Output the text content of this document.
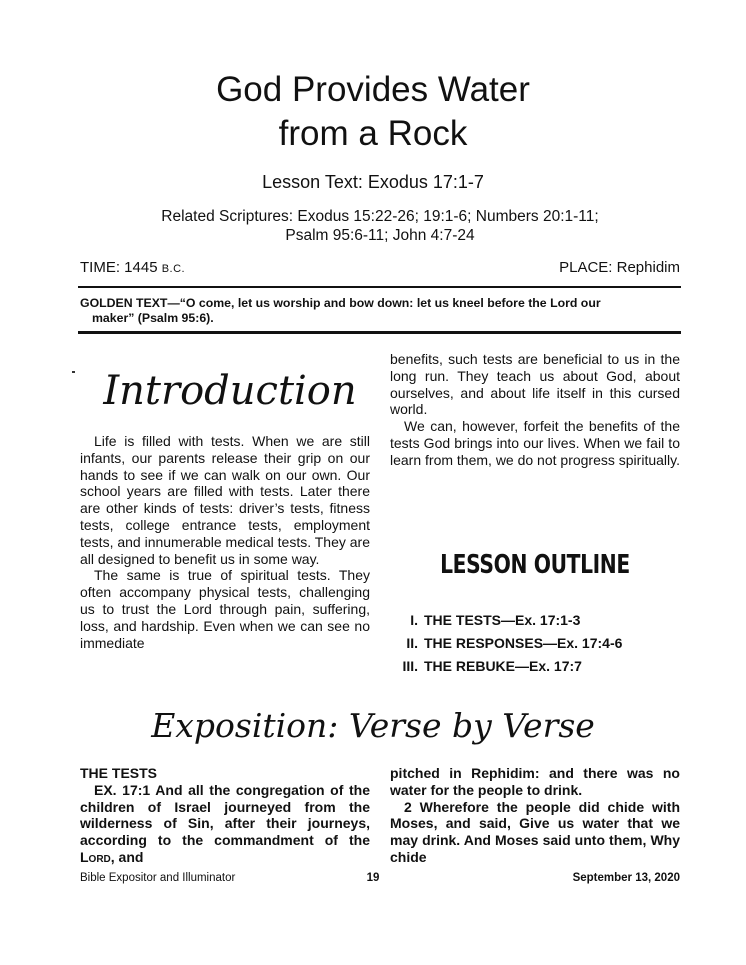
God Provides Water
from a Rock
Lesson Text: Exodus 17:1-7
Related Scriptures: Exodus 15:22-26; 19:1-6; Numbers 20:1-11;
Psalm 95:6-11; John 4:7-24
TIME: 1445 B.C.	PLACE: Rephidim
GOLDEN TEXT—“O come, let us worship and bow down: let us kneel before the Lord our
maker” (Psalm 95:6).
Introduction

Life is filled with tests. When we are still infants, our parents release their grip on our hands to see if we can walk on our own. Our school years are filled with tests. Later there are other kinds of tests: driver’s tests, fitness tests, college entrance tests, employment tests, and innumerable medical tests. They are all designed to benefit us in some way.

The same is true of spiritual tests. They often accompany physical tests, challenging us to trust the Lord through pain, suffering, loss, and hardship. Even when we can see no immediate

benefits, such tests are beneficial to us in the long run. They teach us about God, about ourselves, and about life itself in this cursed world.

We can, however, forfeit the benefits of the tests God brings into our lives. When we fail to learn from them, we do not progress spiritually.

LESSON OUTLINE
I. THE TESTS—Ex. 17:1-3
II. THE RESPONSES—Ex. 17:4-6
III. THE REBUKE—Ex. 17:7
Exposition: Verse by Verse

THE TESTS

EX. 17:1 And all the congregation of the children of Israel journeyed from the wilderness of Sin, after their journeys, according to the commandment of the Lord, and

pitched in Rephidim: and there was no water for the people to drink.

2 Wherefore the people did chide with Moses, and said, Give us water that we may drink. And Moses said unto them, Why chide

Bible Expositor and Illuminator	19	September 13, 2020
